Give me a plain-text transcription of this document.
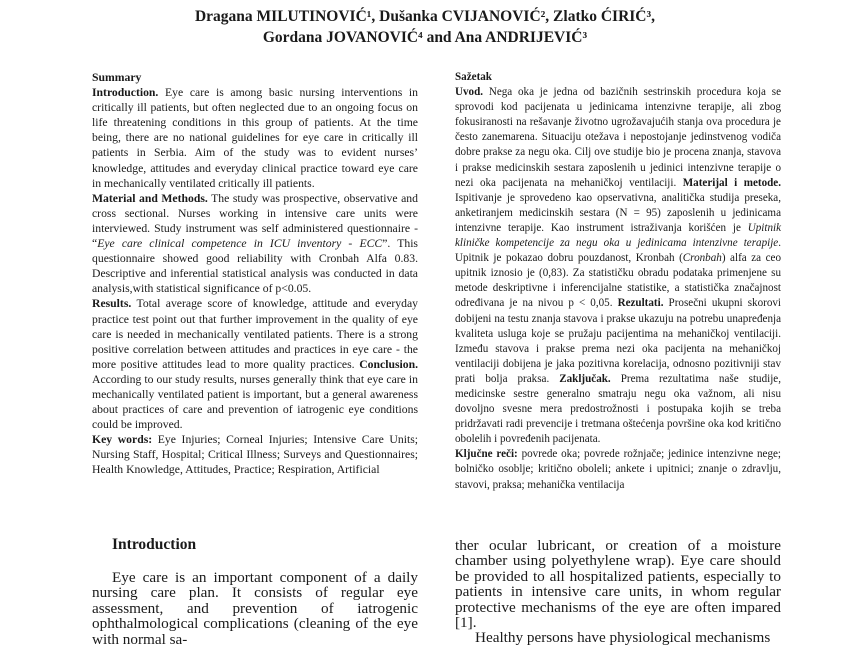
Dragana MILUTINOVIĆ¹, Dušanka CVIJANOVIĆ², Zlatko ĆIRIĆ³,

Gordana JOVANOVIĆ⁴ and Ana ANDRIJEVIĆ³

Summary

Introduction. Eye care is among basic nursing interventions in critically ill patients, but often neglected due to an ongoing focus on life threatening conditions in this group of patients. At the time being, there are no national guidelines for eye care in critically ill patients in Serbia. Aim of the study was to evident nurses’ knowledge, attitudes and everyday clinical practice toward eye care in mechanically ventilated critically ill patients.
Material and Methods. The study was prospective, observative and cross sectional. Nurses working in intensive care units were interviewed. Study instrument was self administered questionnaire - “Eye care clinical competence in ICU inventory - ECC”. This questionnaire showed good reliability with Cronbah Alfa 0.83. Descriptive and inferential statistical analysis was conducted in data analysis,with statistical significance of p<0.05.
Results. Total average score of knowledge, attitude and everyday practice test point out that further improvement in the quality of eye care is needed in mechanically ventilated patients. There is a strong positive correlation between attitudes and practices in eye care - the more positive attitudes lead to more quality practices. Conclusion. According to our study results, nurses generally think that eye care in mechanically ventilated patient is important, but a general awareness about practices of care and prevention of iatrogenic eye conditions could be improved.
Key words: Eye Injuries; Corneal Injuries; Intensive Care Units; Nursing Staff, Hospital; Critical Illness; Surveys and Questionnaires; Health Knowledge, Attitudes, Practice; Respiration, Artificial

Sažetak

Uvod. Nega oka je jedna od bazičnih sestrinskih procedura koja se sprovodi kod pacijenata u jedinicama intenzivne terapije, ali zbog fokusiranosti na rešavanje životno ugrožavajućih stanja ova procedura je često zanemarena. Situaciju otežava i nepostojanje jedinstvenog vodiča dobre prakse za negu oka. Cilj ove studije bio je procena znanja, stavova i prakse medicinskih sestara zaposlenih u jedinici intenzivne terapije o nezi oka pacijenata na mehaničkoj ventilaciji. Materijal i metode. Ispitivanje je sprovedeno kao opservativna, analitička studija preseka, anketiranjem medicinskih sestara (N = 95) zaposlenih u jedinicama intenzivne terapije. Kao instrument istraživanja korišćen je Upitnik kliničke kompetencije za negu oka u jedinicama intenzivne terapije. Upitnik je pokazao dobru pouzdanost, Kronbah (Cronbah) alfa za ceo upitnik iznosio je (0,83). Za statističku obradu podataka primenjene su metode deskriptivne i inferencijalne statistike, a statistička značajnost određivana je na nivou p < 0,05. Rezultati. Prosečni ukupni skorovi dobijeni na testu znanja stavova i prakse ukazuju na potrebu unapređenja kvaliteta usluga koje se pružaju pacijentima na mehaničkoj ventilaciji. Između stavova i prakse prema nezi oka pacijenta na mehaničkoj ventilaciji dobijena je jaka pozitivna korelacija, odnosno pozitivniji stav prati bolja praksa. Zaključak. Prema rezultatima naše studije, medicinske sestre generalno smatraju negu oka važnom, ali nisu dovoljno svesne mera predostrožnosti i postupaka kojih se treba pridržavati radi prevencije i tretmana oštećenja površine oka kod kritično obolelih i povređenih pacijenata.
Ključne reči: povrede oka; povrede rožnjače; jedinice intenzivne nege; bolničko osoblje; kritično oboleli; ankete i upitnici; znanje o zdravlju, stavovi, praksa; mehanička ventilacija

Introduction

Eye care is an important component of a daily nursing care plan. It consists of regular eye assessment, and prevention of iatrogenic ophthalmological complications (cleaning of the eye with normal sa-

ther ocular lubricant, or creation of a moisture chamber using polyethylene wrap). Eye care should be provided to all hospitalized patients, especially to patients in intensive care units, in whom regular protective mechanisms of the eye are often impared [1].

Healthy persons have physiological mechanisms
